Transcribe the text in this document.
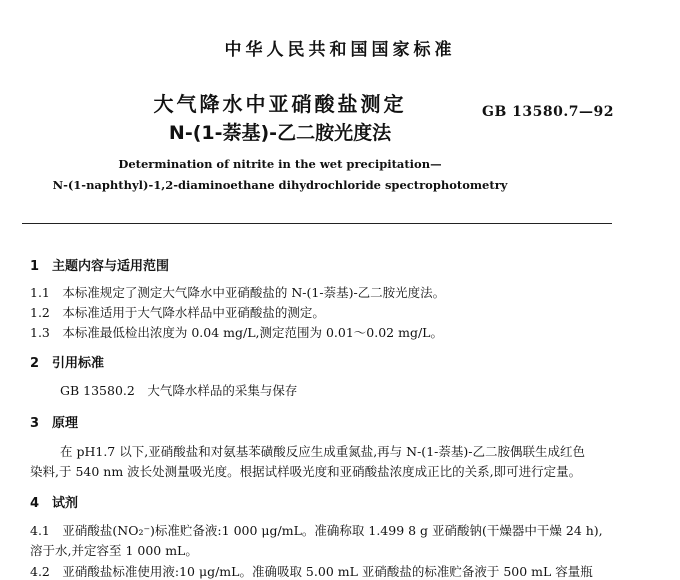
中华人民共和国国家标准
大气降水中亚硝酸盐测定
N-(1-萘基)-乙二胺光度法
GB 13580.7—92
Determination of nitrite in the wet precipitation—
N-(1-naphthyl)-1,2-diaminoethane dihydrochloride spectrophotometry
1　主题内容与适用范围
1.1　本标准规定了测定大气降水中亚硝酸盐的 N-(1-萘基)-乙二胺光度法。
1.2　本标准适用于大气降水样品中亚硝酸盐的测定。
1.3　本标准最低检出浓度为 0.04 mg/L,测定范围为 0.01～0.02 mg/L。
2　引用标准
GB 13580.2　大气降水样品的采集与保存
3　原理
在 pH1.7 以下,亚硝酸盐和对氨基苯磺酸反应生成重氮盐,再与 N-(1-萘基)-乙二胺偶联生成红色
染料,于 540 nm 波长处测量吸光度。根据试样吸光度和亚硝酸盐浓度成正比的关系,即可进行定量。
4　试剂
4.1　亚硝酸盐(NO₂⁻)标准贮备液:1 000 μg/mL。准确称取 1.499 8 g 亚硝酸钠(干燥器中干燥 24 h),
溶于水,并定容至 1 000 mL。
4.2　亚硝酸盐标准使用液:10 μg/mL。准确吸取 5.00 mL 亚硝酸盐的标准贮备液于 500 mL 容量瓶
